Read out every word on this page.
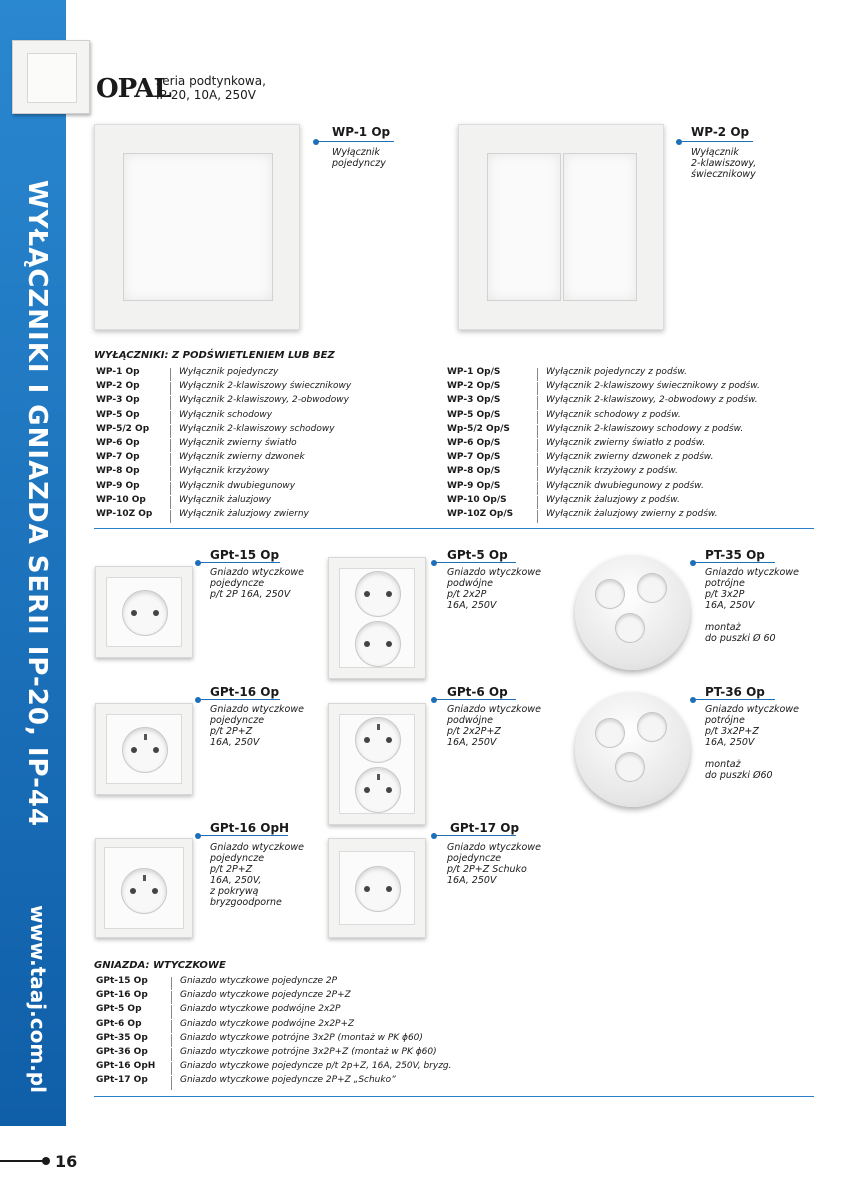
WYŁĄCZNIKI I GNIAZDA SERII IP-20, IP-44
www.taaj.com.pl
OPAL
seria podtynkowa,
IP-20, 10A, 250V
WP-1 Op
Wyłącznik
pojedynczy
WP-2 Op
Wyłącznik
2-klawiszowy,
świecznikowy
WYŁĄCZNIKI: Z PODŚWIETLENIEM LUB BEZ
WP-1 Op	Wyłącznik pojedynczy
WP-2 Op	Wyłącznik 2-klawiszowy świecznikowy
WP-3 Op	Wyłącznik 2-klawiszowy, 2-obwodowy
WP-5 Op	Wyłącznik schodowy
WP-5/2 Op	Wyłącznik 2-klawiszowy schodowy
WP-6 Op	Wyłącznik zwierny światło
WP-7 Op	Wyłącznik zwierny dzwonek
WP-8 Op	Wyłącznik krzyżowy
WP-9 Op	Wyłącznik dwubiegunowy
WP-10 Op	Wyłącznik żaluzjowy
WP-10Z Op	Wyłącznik żaluzjowy zwierny
WP-1 Op/S	Wyłącznik pojedynczy z podśw.
WP-2 Op/S	Wyłącznik 2-klawiszowy świecznikowy z podśw.
WP-3 Op/S	Wyłącznik 2-klawiszowy, 2-obwodowy z podśw.
WP-5 Op/S	Wyłącznik schodowy z podśw.
Wp-5/2 Op/S	Wyłącznik 2-klawiszowy schodowy z podśw.
WP-6 Op/S	Wyłącznik zwierny światło z podśw.
WP-7 Op/S	Wyłącznik zwierny dzwonek z podśw.
WP-8 Op/S	Wyłącznik krzyżowy z podśw.
WP-9 Op/S	Wyłącznik dwubiegunowy z podśw.
WP-10 Op/S	Wyłącznik żaluzjowy z podśw.
WP-10Z Op/S	Wyłącznik żaluzjowy zwierny z podśw.
GPt-15 Op
Gniazdo wtyczkowe
pojedyncze
p/t 2P 16A, 250V
GPt-5 Op
Gniazdo wtyczkowe
podwójne
p/t 2x2P
16A, 250V
PT-35 Op
Gniazdo wtyczkowe
potrójne
p/t 3x2P
16A, 250V

montaż
do puszki Ø 60
GPt-16 Op
Gniazdo wtyczkowe
pojedyncze
p/t 2P+Z
16A, 250V
GPt-6 Op
Gniazdo wtyczkowe
podwójne
p/t 2x2P+Z
16A, 250V
PT-36 Op
Gniazdo wtyczkowe
potrójne
p/t 3x2P+Z
16A, 250V

montaż
do puszki Ø60
GPt-16 OpH
Gniazdo wtyczkowe
pojedyncze
p/t 2P+Z
16A, 250V,
z pokrywą
bryzgoodporne
GPt-17 Op
Gniazdo wtyczkowe
pojedyncze
p/t 2P+Z Schuko
16A, 250V
GNIAZDA: WTYCZKOWE
GPt-15 Op	Gniazdo wtyczkowe pojedyncze 2P
GPt-16 Op	Gniazdo wtyczkowe pojedyncze 2P+Z
GPt-5 Op	Gniazdo wtyczkowe podwójne 2x2P
GPt-6 Op	Gniazdo wtyczkowe podwójne 2x2P+Z
GPt-35 Op	Gniazdo wtyczkowe potrójne 3x2P (montaż w PK ϕ60)
GPt-36 Op	Gniazdo wtyczkowe potrójne 3x2P+Z (montaż w PK ϕ60)
GPt-16 OpH	Gniazdo wtyczkowe pojedyncze p/t 2p+Z, 16A, 250V, bryzg.
GPt-17 Op	Gniazdo wtyczkowe pojedyncze 2P+Z „Schuko”
16
